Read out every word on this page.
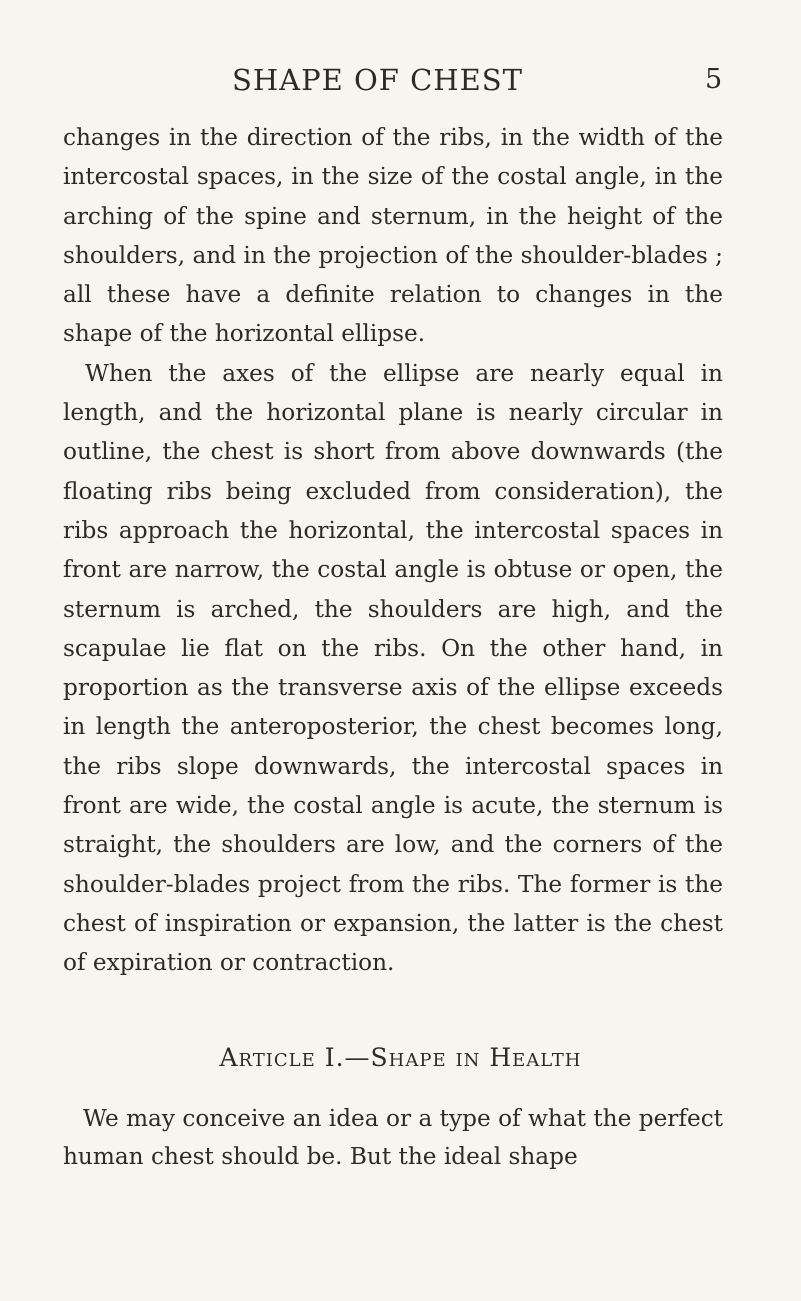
SHAPE OF CHEST	5

changes in the direction of the ribs, in the width of the intercostal spaces, in the size of the costal angle, in the arching of the spine and sternum, in the height of the shoulders, and in the projection of the shoulder-blades ; all these have a definite relation to changes in the shape of the horizontal ellipse.

When the axes of the ellipse are nearly equal in length, and the horizontal plane is nearly circular in outline, the chest is short from above downwards (the floating ribs being excluded from consideration), the ribs approach the horizontal, the intercostal spaces in front are narrow, the costal angle is obtuse or open, the sternum is arched, the shoulders are high, and the scapulae lie flat on the ribs. On the other hand, in proportion as the transverse axis of the ellipse exceeds in length the anteroposterior, the chest becomes long, the ribs slope downwards, the intercostal spaces in front are wide, the costal angle is acute, the sternum is straight, the shoulders are low, and the corners of the shoulder-blades project from the ribs. The former is the chest of inspiration or expansion, the latter is the chest of expiration or contraction.

Article I.—Shape in Health

We may conceive an idea or a type of what the perfect human chest should be. But the ideal shape
